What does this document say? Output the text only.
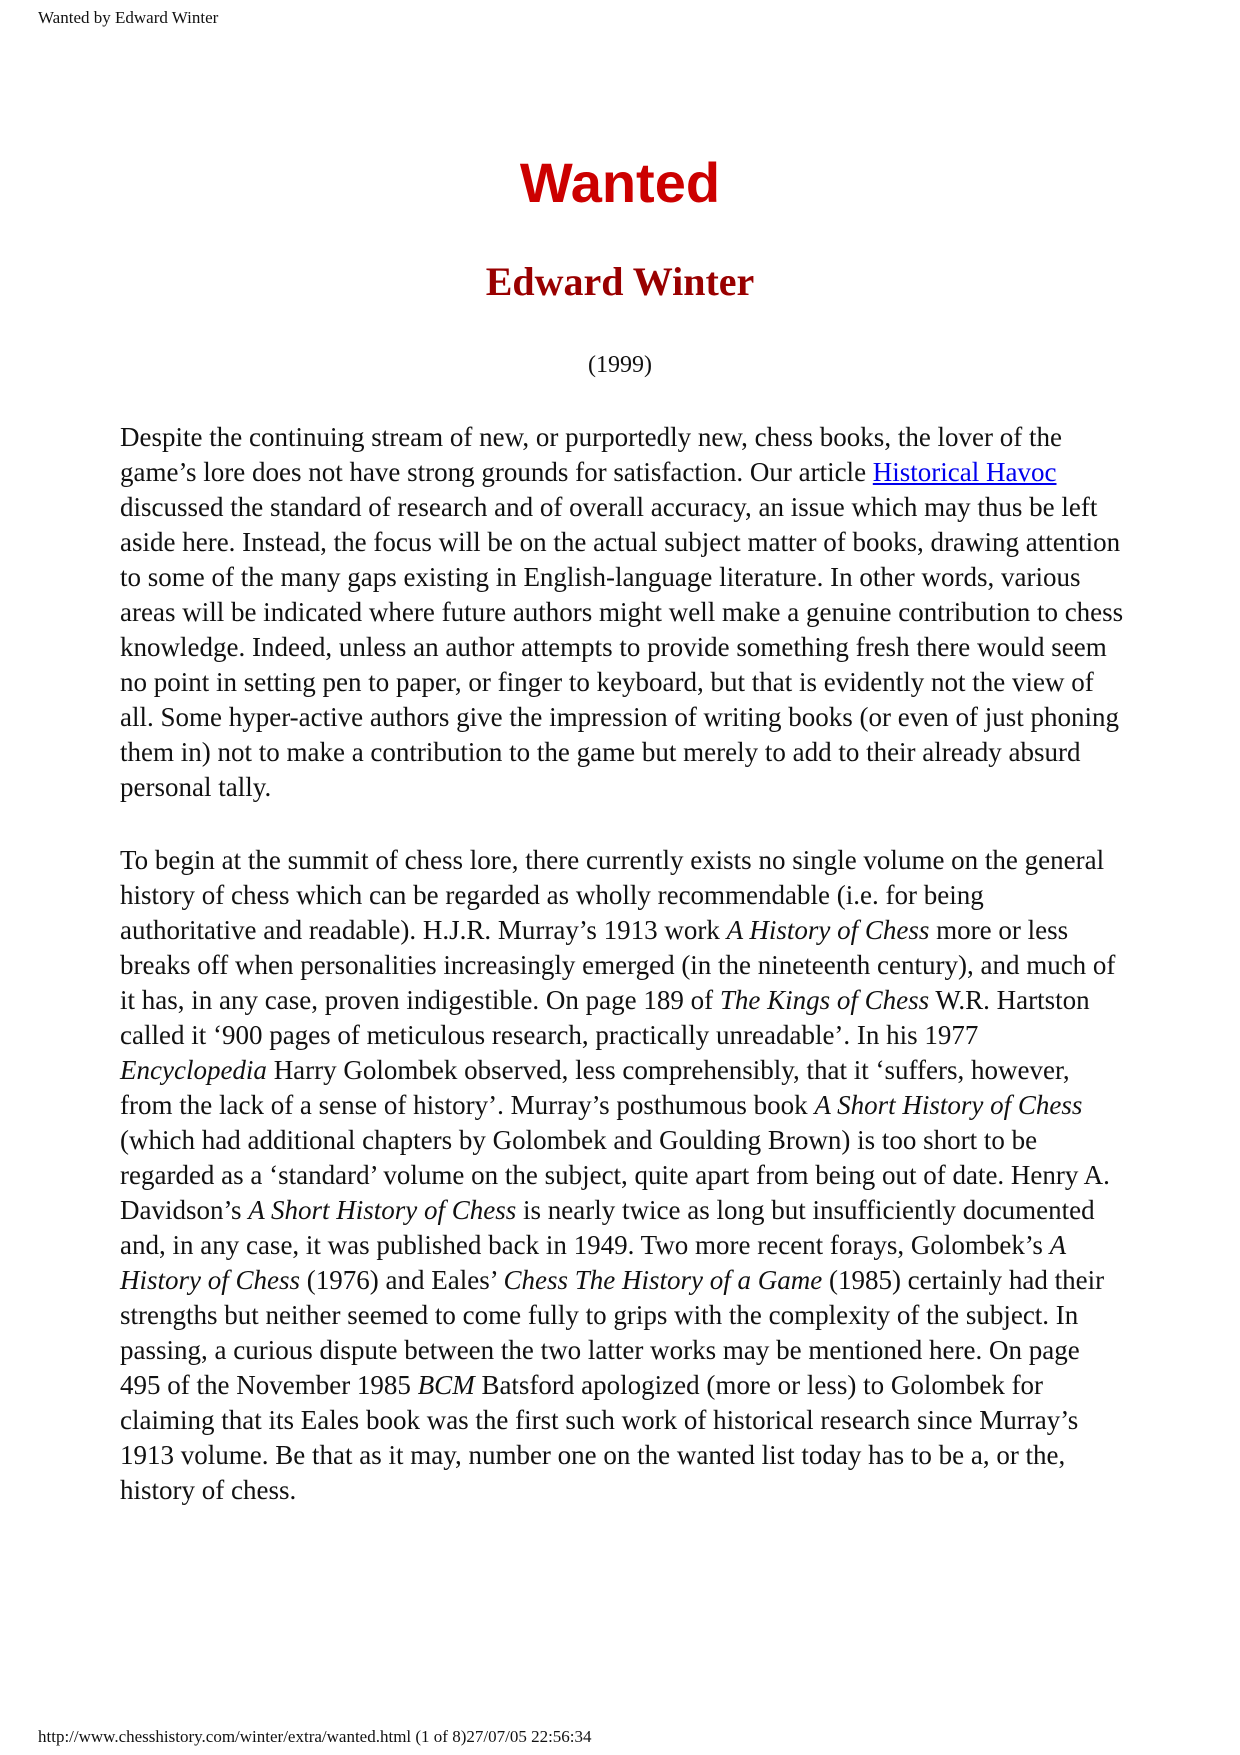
Wanted by Edward Winter
Wanted
Edward Winter
(1999)

Despite the continuing stream of new, or purportedly new, chess books, the lover of the game’s lore does not have strong grounds for satisfaction. Our article Historical Havoc discussed the standard of research and of overall accuracy, an issue which may thus be left aside here. Instead, the focus will be on the actual subject matter of books, drawing attention to some of the many gaps existing in English-language literature. In other words, various areas will be indicated where future authors might well make a genuine contribution to chess knowledge. Indeed, unless an author attempts to provide something fresh there would seem no point in setting pen to paper, or finger to keyboard, but that is evidently not the view of all. Some hyper-active authors give the impression of writing books (or even of just phoning them in) not to make a contribution to the game but merely to add to their already absurd personal tally.

To begin at the summit of chess lore, there currently exists no single volume on the general history of chess which can be regarded as wholly recommendable (i.e. for being authoritative and readable). H.J.R. Murray’s 1913 work A History of Chess more or less breaks off when personalities increasingly emerged (in the nineteenth century), and much of it has, in any case, proven indigestible. On page 189 of The Kings of Chess W.R. Hartston called it ‘900 pages of meticulous research, practically unreadable’. In his 1977 Encyclopedia Harry Golombek observed, less comprehensibly, that it ‘suffers, however, from the lack of a sense of history’. Murray’s posthumous book A Short History of Chess (which had additional chapters by Golombek and Goulding Brown) is too short to be regarded as a ‘standard’ volume on the subject, quite apart from being out of date. Henry A. Davidson’s A Short History of Chess is nearly twice as long but insufficiently documented and, in any case, it was published back in 1949. Two more recent forays, Golombek’s A History of Chess (1976) and Eales’ Chess The History of a Game (1985) certainly had their strengths but neither seemed to come fully to grips with the complexity of the subject. In passing, a curious dispute between the two latter works may be mentioned here. On page 495 of the November 1985 BCM Batsford apologized (more or less) to Golombek for claiming that its Eales book was the first such work of historical research since Murray’s 1913 volume. Be that as it may, number one on the wanted list today has to be a, or the, history of chess.

http://www.chesshistory.com/winter/extra/wanted.html (1 of 8)27/07/05 22:56:34
